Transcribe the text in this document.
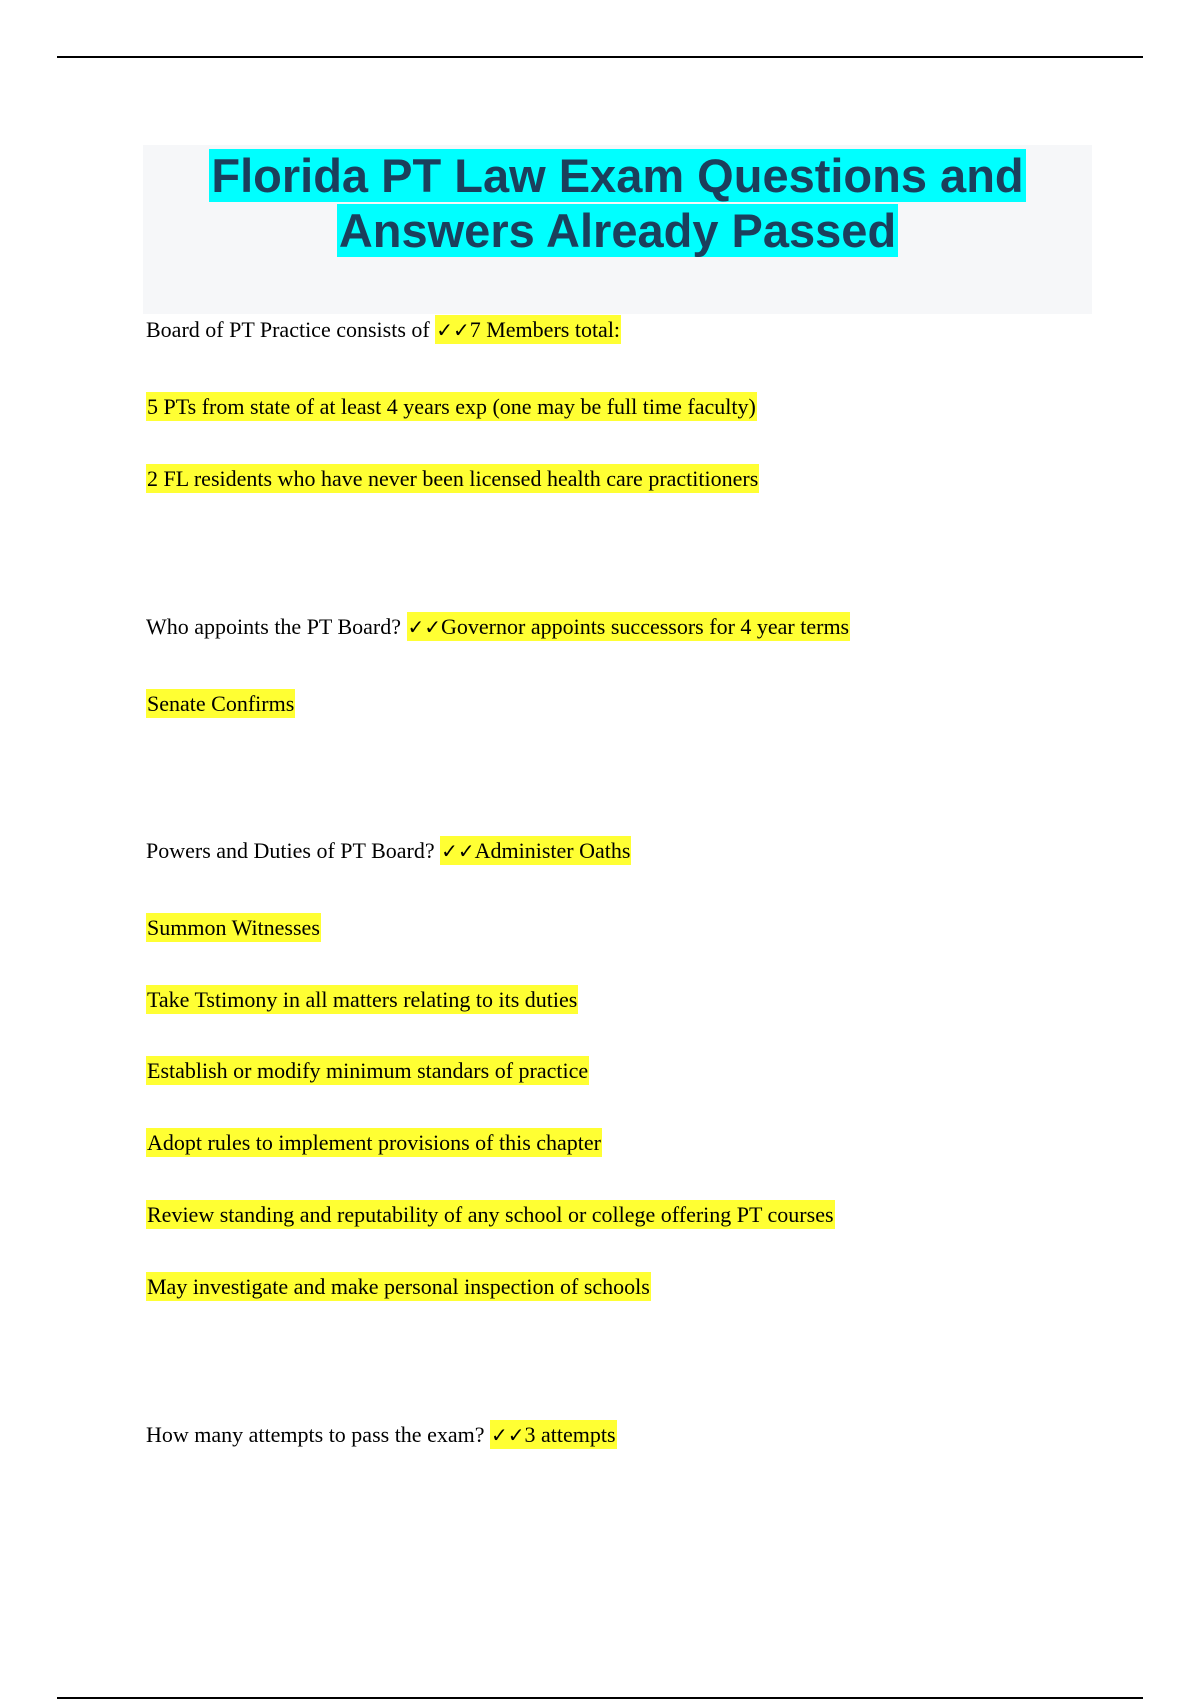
Florida PT Law Exam Questions and Answers Already Passed
Board of PT Practice consists of ✓✓7 Members total:
5 PTs from state of at least 4 years exp (one may be full time faculty)
2 FL residents who have never been licensed health care practitioners
Who appoints the PT Board? ✓✓Governor appoints successors for 4 year terms
Senate Confirms
Powers and Duties of PT Board? ✓✓Administer Oaths
Summon Witnesses
Take Tstimony in all matters relating to its duties
Establish or modify minimum standars of practice
Adopt rules to implement provisions of this chapter
Review standing and reputability of any school or college offering PT courses
May investigate and make personal inspection of schools
How many attempts to pass the exam? ✓✓3 attempts
